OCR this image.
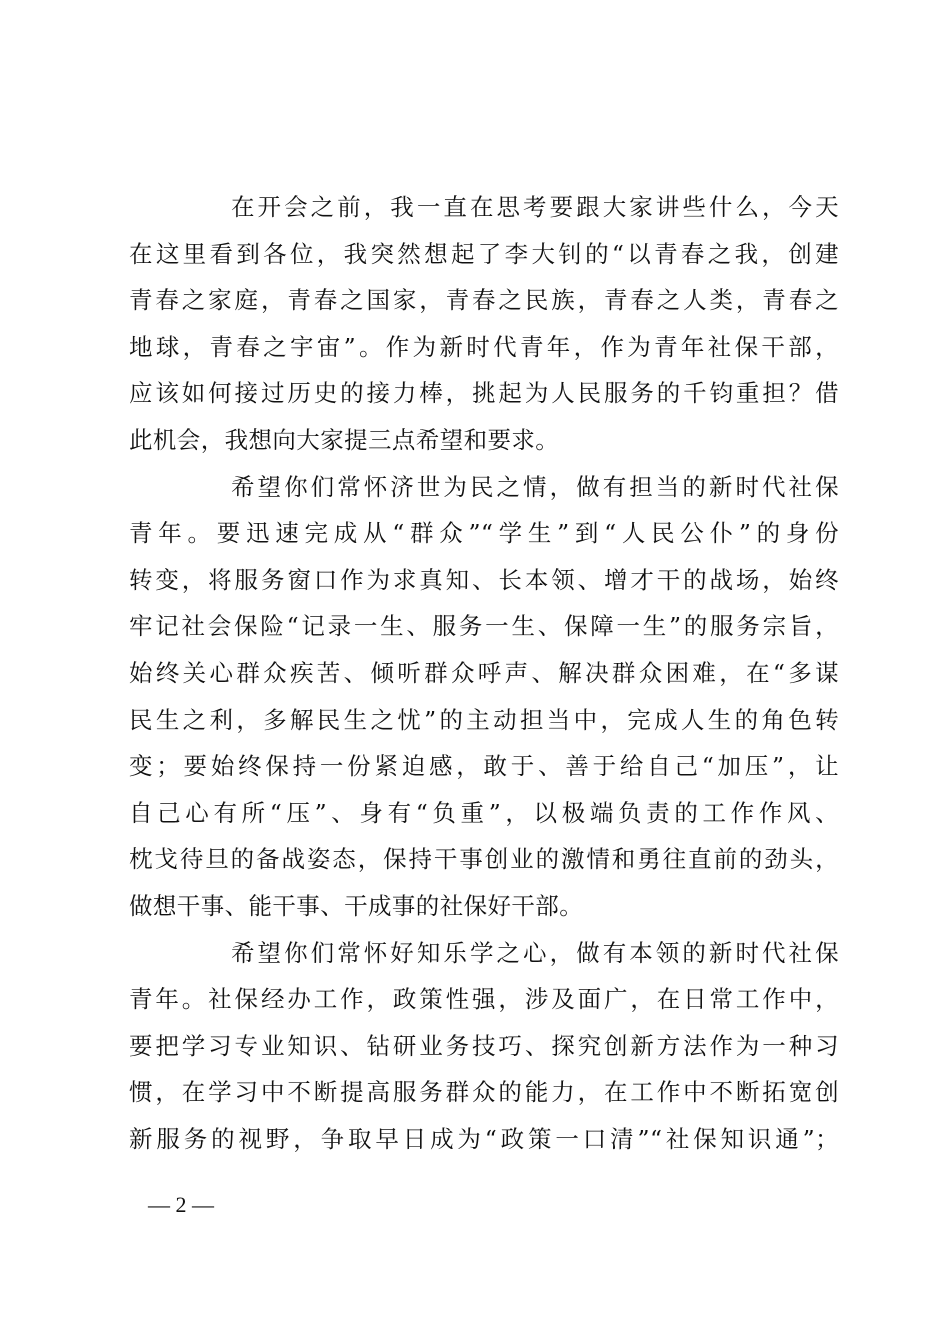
在开会之前，我一直在思考要跟大家讲些什么，今天
在这里看到各位，我突然想起了李大钊的“以青春之我，创建
青春之家庭，青春之国家，青春之民族，青春之人类，青春之
地球，青春之宇宙”。作为新时代青年，作为青年社保干部，
应该如何接过历史的接力棒，挑起为人民服务的千钧重担？借
此机会，我想向大家提三点希望和要求。
希望你们常怀济世为民之情，做有担当的新时代社保
青年。要迅速完成从“群众”“学生”到“人民公仆”的身份
转变，将服务窗口作为求真知、长本领、增才干的战场，始终
牢记社会保险“记录一生、服务一生、保障一生”的服务宗旨，
始终关心群众疾苦、倾听群众呼声、解决群众困难，在“多谋
民生之利，多解民生之忧”的主动担当中，完成人生的角色转
变；要始终保持一份紧迫感，敢于、善于给自己“加压”，让
自己心有所“压”、身有“负重”，以极端负责的工作作风、
枕戈待旦的备战姿态，保持干事创业的激情和勇往直前的劲头，
做想干事、能干事、干成事的社保好干部。
希望你们常怀好知乐学之心，做有本领的新时代社保
青年。社保经办工作，政策性强，涉及面广，在日常工作中，
要把学习专业知识、钻研业务技巧、探究创新方法作为一种习
惯，在学习中不断提高服务群众的能力，在工作中不断拓宽创
新服务的视野，争取早日成为“政策一口清”“社保知识通”；
— 2 —
